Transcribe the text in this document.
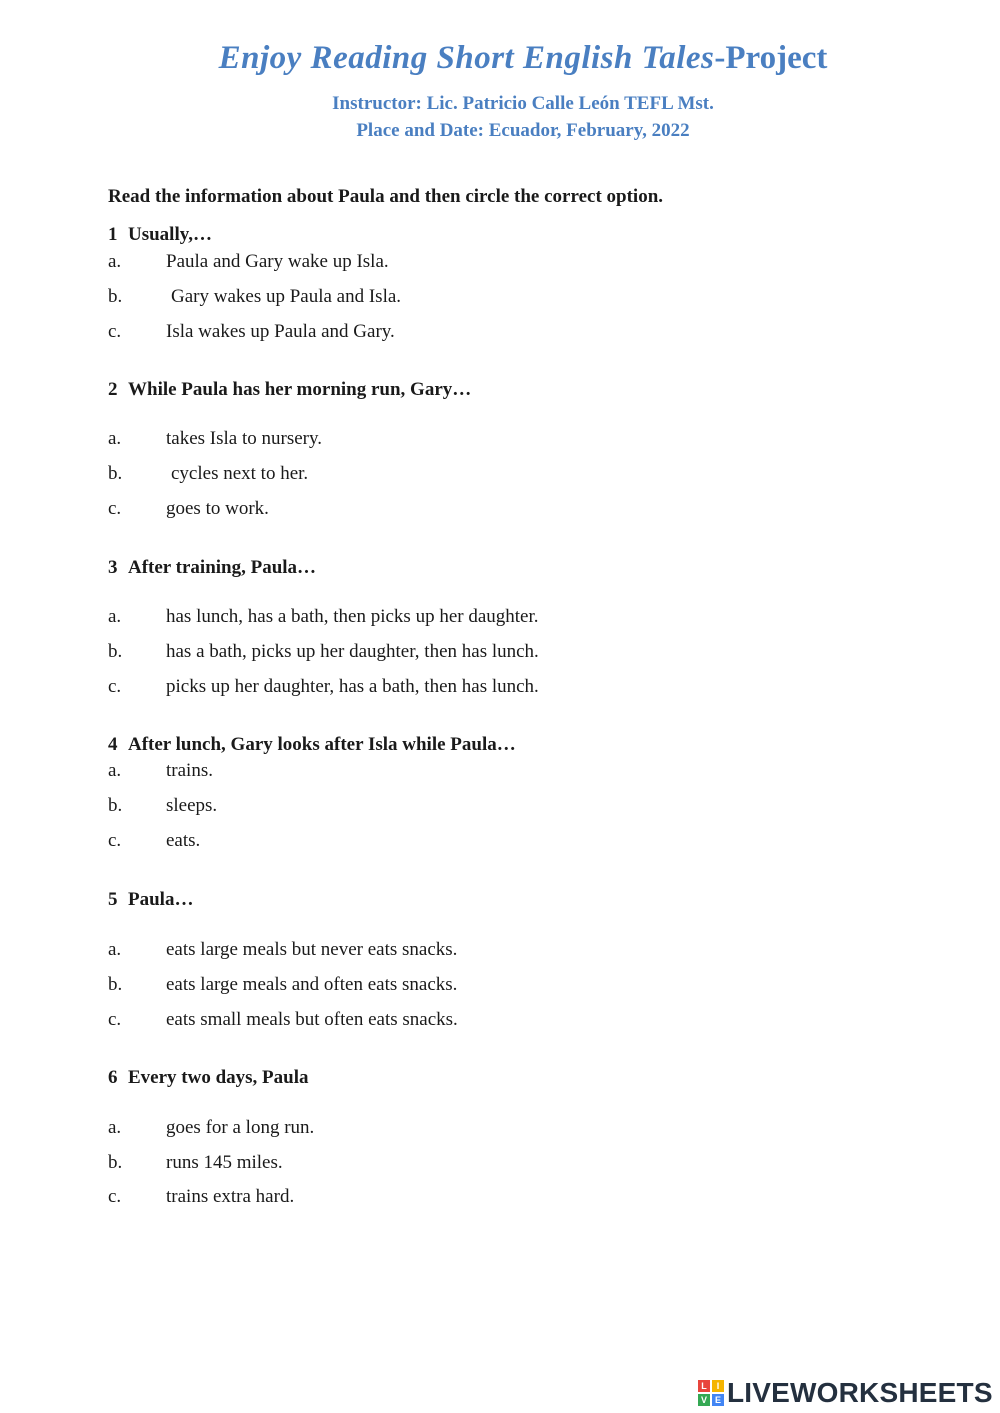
Enjoy Reading Short English Tales-Project
Instructor: Lic. Patricio Calle León TEFL Mst.
Place and Date: Ecuador, February, 2022
Read the information about Paula and then circle the correct option.
1 Usually,…
a.	Paula and Gary wake up Isla.
b.	Gary wakes up Paula and Isla.
c.	Isla wakes up Paula and Gary.
2 While Paula has her morning run, Gary…
a.	takes Isla to nursery.
b.	cycles next to her.
c.	goes to work.
3 After training, Paula…
a.	has lunch, has a bath, then picks up her daughter.
b.	has a bath, picks up her daughter, then has lunch.
c.	picks up her daughter, has a bath, then has lunch.
4 After lunch, Gary looks after Isla while Paula…
a.	trains.
b.	sleeps.
c.	eats.
5 Paula…
a.	eats large meals but never eats snacks.
b.	eats large meals and often eats snacks.
c.	eats small meals but often eats snacks.
6 Every two days, Paula
a.	goes for a long run.
b.	runs 145 miles.
c.	trains extra hard.
L	I
V E LIVEWORKSHEETS
